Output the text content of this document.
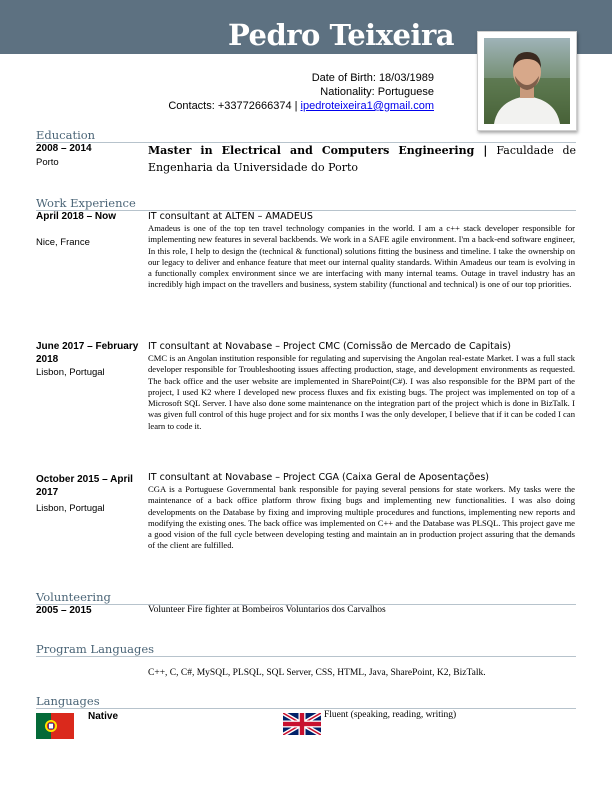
Pedro Teixeira
Date of Birth: 18/03/1989
Nationality: Portuguese
Contacts: +33772666374 | ipedroteixeira1@gmail.com
Education
2008 – 2014
Porto
Master in Electrical and Computers Engineering | Faculdade de Engenharia da Universidade do Porto
Work Experience
April 2018 – Now
Nice, France
IT consultant at ALTEN – AMADEUS
Amadeus is one of the top ten travel technology companies in the world. I am a c++ stack developer responsible for implementing new features in several backbends. We work in a SAFE agile environment. I'm a back-end software engineer, In this role, I help to design the (technical & functional) solutions fitting the business and timeline. I take the ownership on our legacy to deliver and enhance feature that meet our internal quality standards. Within Amadeus our team is evolving in a functionally complex environment since we are interfacing with many internal teams. Outage in travel industry has an incredibly high impact on the travellers and business, system stability (functional and technical) is one of our top priorities.
June 2017 – February 2018
Lisbon, Portugal
IT consultant at Novabase – Project CMC (Comissão de Mercado de Capitais)
CMC is an Angolan institution responsible for regulating and supervising the Angolan real-estate Market. I was a full stack developer responsible for Troubleshooting issues affecting production, stage, and development environments as requested. The back office and the user website are implemented in SharePoint(C#). I was also responsible for the BPM part of the project, I used K2 where I developed new process fluxes and fix existing bugs. The project was implemented on top of a Microsoft SQL Server. I have also done some maintenance on the integration part of the project which is done in BizTalk. I was given full control of this huge project and for six months I was the only developer, I believe that if it can be coded I can learn to code it.
October 2015 – April 2017
Lisbon, Portugal
IT consultant at Novabase – Project CGA (Caixa Geral de Aposentações)
CGA is a Portuguese Governmental bank responsible for paying several pensions for state workers. My tasks were the maintenance of a back office platform throw fixing bugs and implementing new functionalities. I was also doing developments on the Database by fixing and improving multiple procedures and functions, implementing new reports and modifying the existing ones. The back office was implemented on C++ and the Database was PLSQL. This project gave me a good vision of the full cycle between developing testing and maintain an in production project assuring that the demands of the client are fulfilled.
Volunteering
2005 – 2015	Volunteer Fire fighter at Bombeiros Voluntarios dos Carvalhos
Program Languages
C++, C, C#, MySQL, PLSQL, SQL Server, CSS, HTML, Java, SharePoint, K2, BizTalk.
Languages
Native	Fluent (speaking, reading, writing)
